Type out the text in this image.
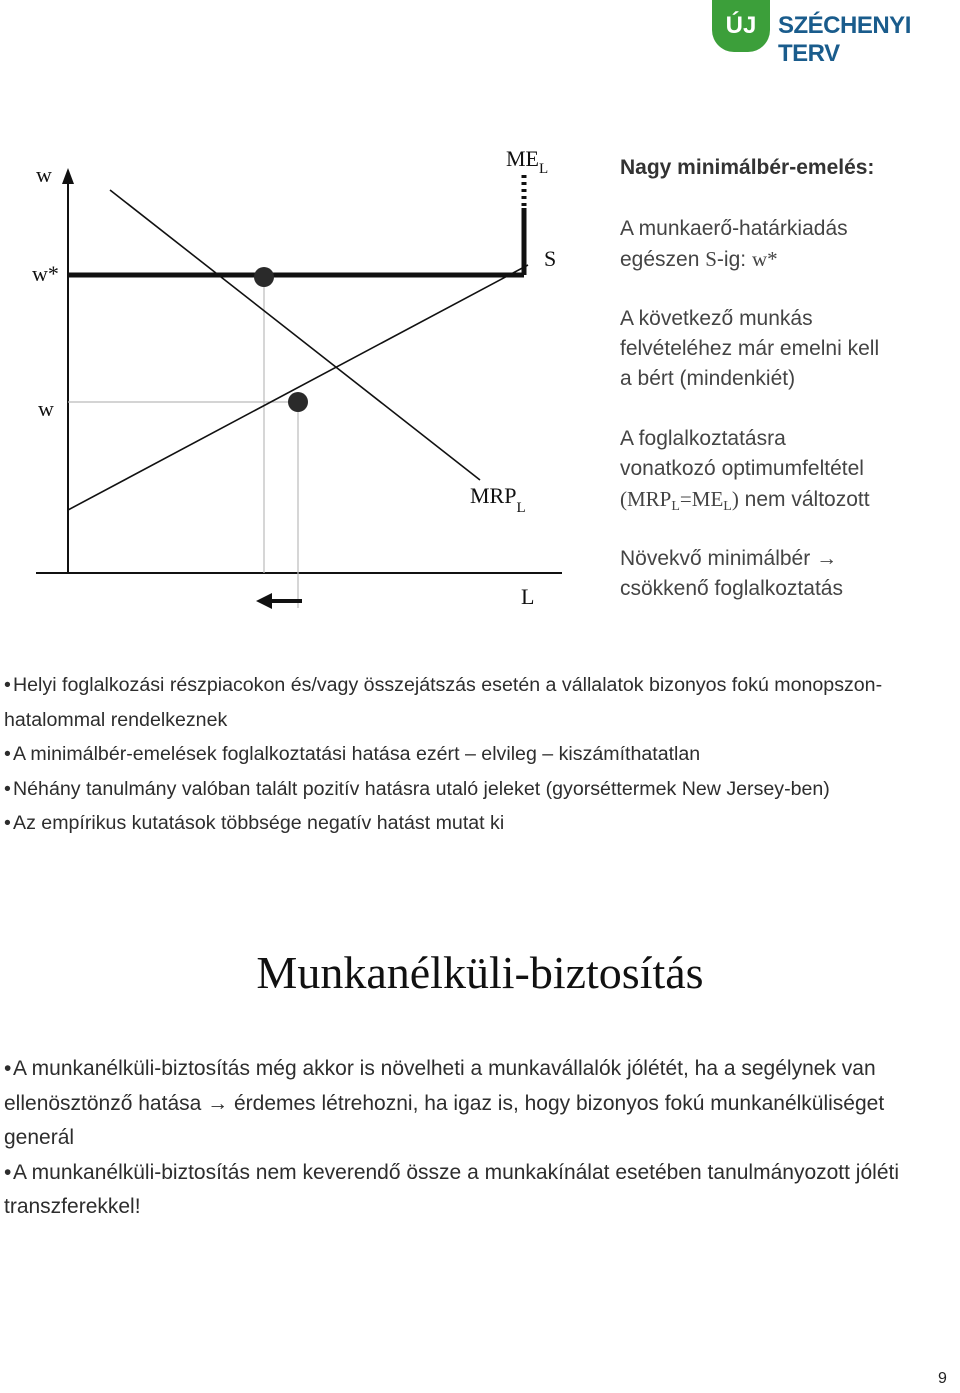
ÚJ SZÉCHENYI TERV
w
w*
w
$ME_L$
S
$MRP_L$
L
Nagy minimálbér-emelés:
A munkaerő-határkiadás
egészen S-ig: w*
A következő munkás
felvételéhez már emelni kell
a bért (mindenkiét)
A foglalkoztatásra
vonatkozó optimumfeltétel
$(MRP_L=ME_L)$ nem változott
Növekvő minimálbér →
csökkenő foglalkoztatás

• Helyi foglalkozási részpiacokon és/vagy összejátszás esetén a vállalatok bizonyos fokú monopszon-hatalommal rendelkeznek

• A minimálbér-emelések foglalkoztatási hatása ezért – elvileg – kiszámíthatatlan

• Néhány tanulmány valóban talált pozitív hatásra utaló jeleket (gyorséttermek New Jersey-ben)

• Az empírikus kutatások többsége negatív hatást mutat ki

Munkanélküli-biztosítás

•A munkanélküli-biztosítás még akkor is növelheti a munkavállalók jólétét, ha a segélynek van ellenösztönző hatása → érdemes létrehozni, ha igaz is, hogy bizonyos fokú munkanélküliséget generál

•A munkanélküli-biztosítás nem keverendő össze a munkakínálat esetében tanulmányozott jóléti transzferekkel!

9
